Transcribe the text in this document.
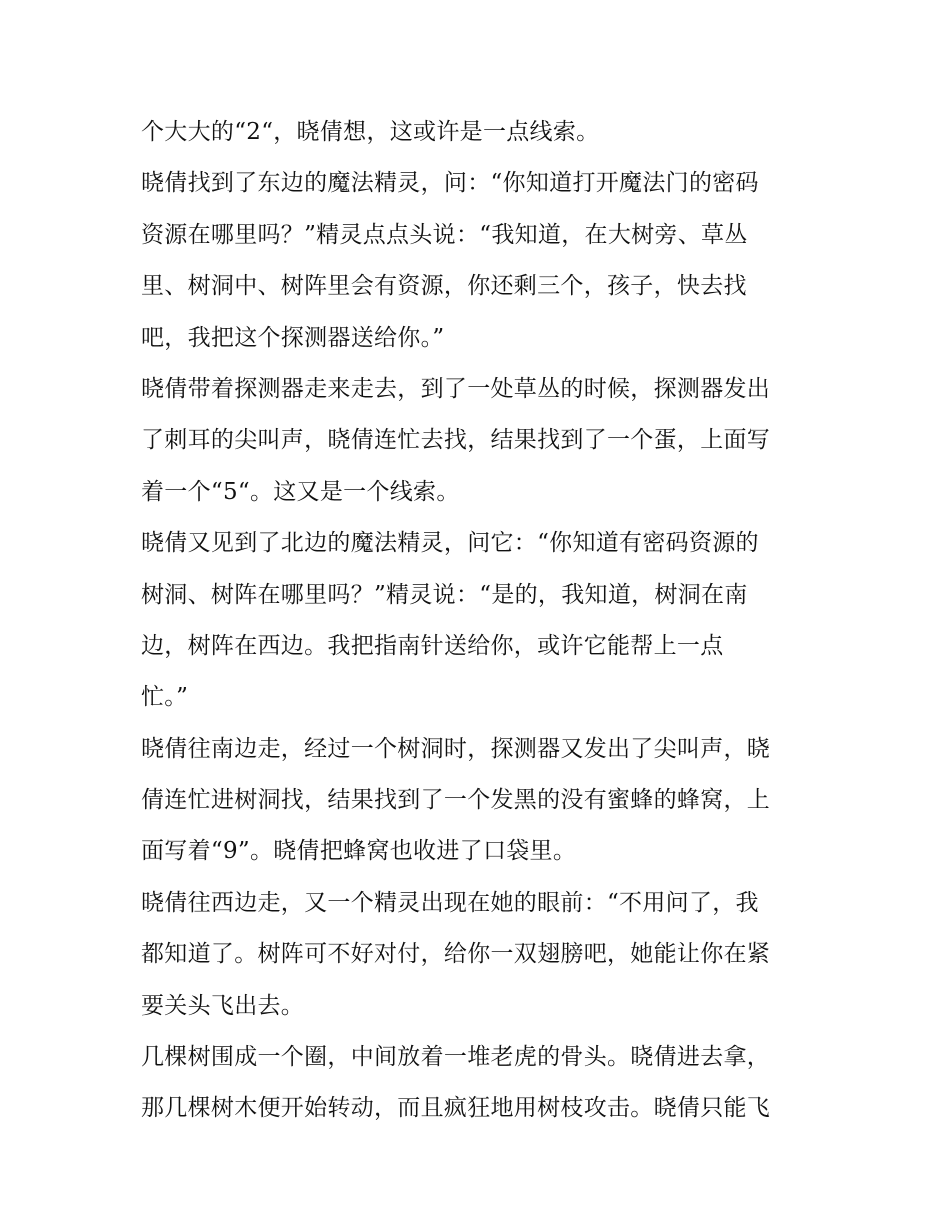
个大大的“2“，晓倩想，这或许是一点线索。
晓倩找到了东边的魔法精灵，问：“你知道打开魔法门的密码
资源在哪里吗？”精灵点点头说：“我知道，在大树旁、草丛
里、树洞中、树阵里会有资源，你还剩三个，孩子，快去找
吧，我把这个探测器送给你。”
晓倩带着探测器走来走去，到了一处草丛的时候，探测器发出
了刺耳的尖叫声，晓倩连忙去找，结果找到了一个蛋，上面写
着一个“5“。这又是一个线索。
晓倩又见到了北边的魔法精灵，问它：“你知道有密码资源的
树洞、树阵在哪里吗？”精灵说：“是的，我知道，树洞在南
边，树阵在西边。我把指南针送给你，或许它能帮上一点
忙。”
晓倩往南边走，经过一个树洞时，探测器又发出了尖叫声，晓
倩连忙进树洞找，结果找到了一个发黑的没有蜜蜂的蜂窝，上
面写着“9”。晓倩把蜂窝也收进了口袋里。
晓倩往西边走，又一个精灵出现在她的眼前：“不用问了，我
都知道了。树阵可不好对付，给你一双翅膀吧，她能让你在紧
要关头飞出去。
几棵树围成一个圈，中间放着一堆老虎的骨头。晓倩进去拿，
那几棵树木便开始转动，而且疯狂地用树枝攻击。晓倩只能飞
